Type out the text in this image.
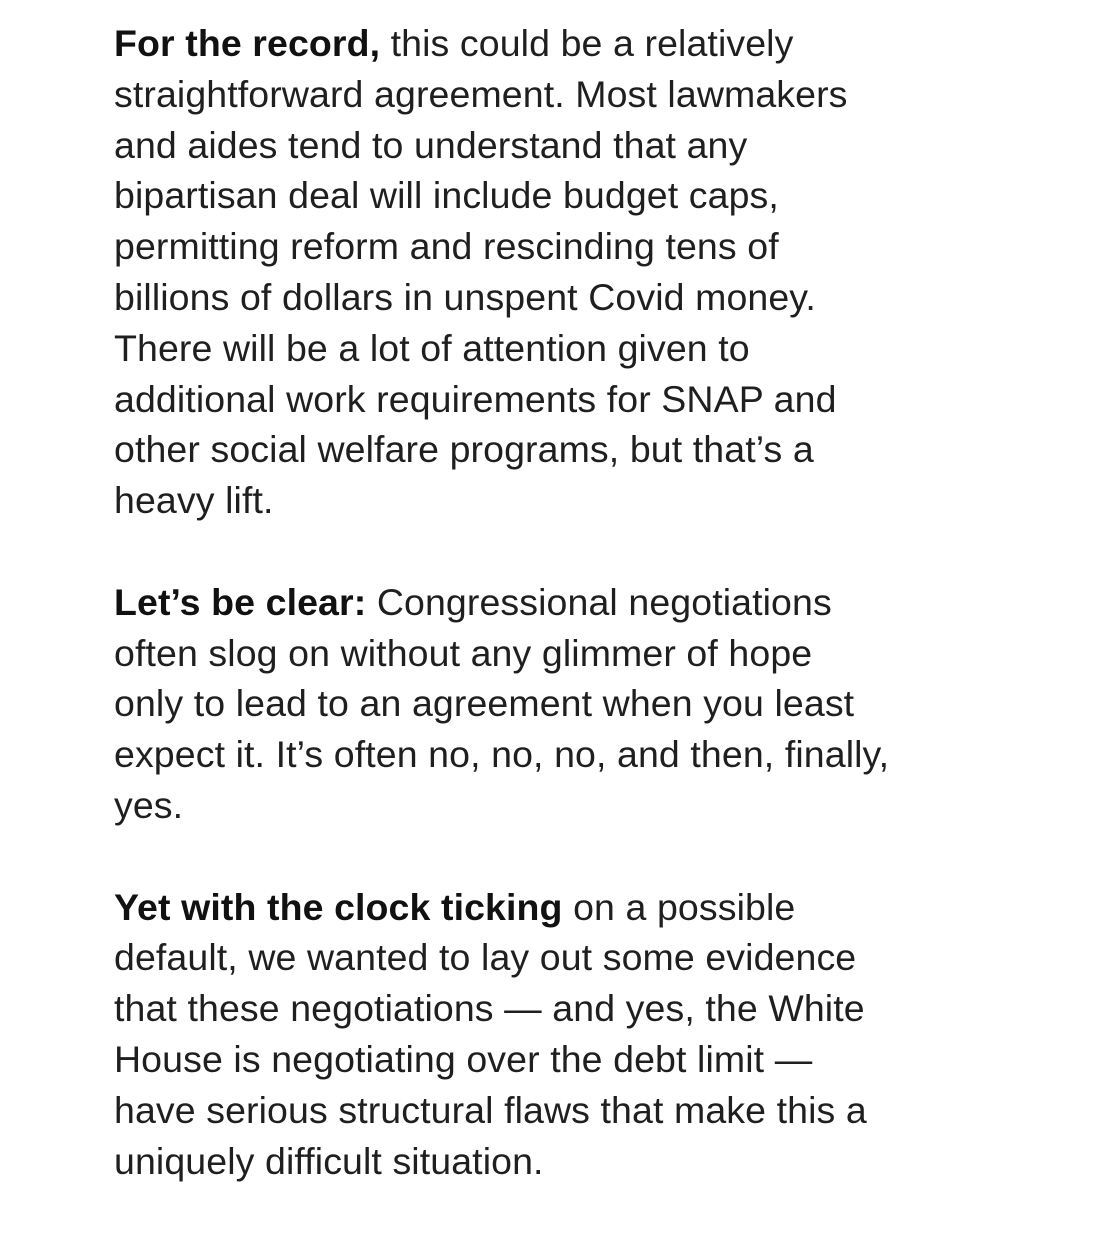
For the record, this could be a relatively
straightforward agreement. Most lawmakers
and aides tend to understand that any
bipartisan deal will include budget caps,
permitting reform and rescinding tens of
billions of dollars in unspent Covid money.
There will be a lot of attention given to
additional work requirements for SNAP and
other social welfare programs, but that’s a
heavy lift.

Let’s be clear: Congressional negotiations
often slog on without any glimmer of hope
only to lead to an agreement when you least
expect it. It’s often no, no, no, and then, finally,
yes.

Yet with the clock ticking on a possible
default, we wanted to lay out some evidence
that these negotiations — and yes, the White
House is negotiating over the debt limit —
have serious structural flaws that make this a
uniquely difficult situation.
